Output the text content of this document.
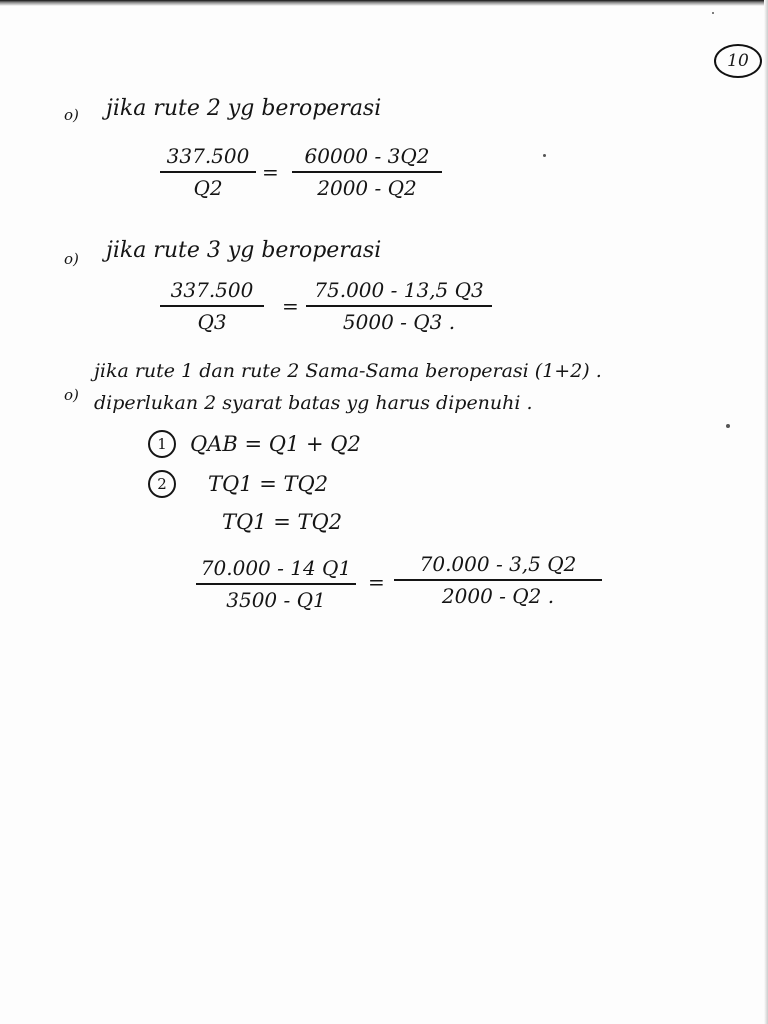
10
o) jika rute 2 yg beroperasi
337.500
Q2
=
60000 - 3Q2
2000 - Q2
o) jika rute 3 yg beroperasi
337.500
Q3
=
75.000 - 13,5 Q3
5000 - Q3 .
o)
jika rute 1 dan rute 2 Sama-Sama beroperasi (1+2) .
diperlukan 2 syarat batas yg harus dipenuhi .
1	QAB = Q1 + Q2
2	TQ1 = TQ2
TQ1 = TQ2
70.000 - 14 Q1
3500 - Q1
=
70.000 - 3,5 Q2
2000 - Q2 .
